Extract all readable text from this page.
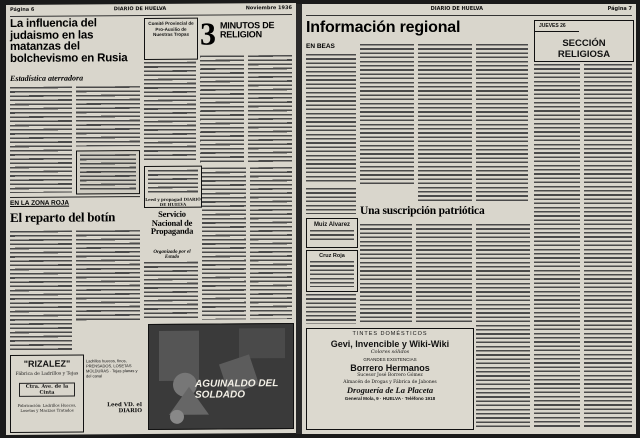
Página 6	DIARIO DE HUELVA	Noviembre 1936
La influencia del judaismo en las matanzas del bolchevismo en Rusia
Estadística aterradora
EN LA ZONA ROJA
El reparto del botín
"RIZALEZ"
Fábrica de Ladrillos y Tejas
Ctra. Ave. de la Cinta
Fabricación: Ladrillos Huecos, Losetas y Macizos Tratados
Ladrillos huecos, finos, PRENSADOS, LOSETAS MOLDURAS · Tejas planas y del canal
Leed VD. el DIARIO
Comité Provincial de Pro-Auxilio de Nuestras Tropas 3 MINUTOS DE RELIGION
Leed y propagad DIARIO DE HUELVA
Servicio Nacional de Propaganda
Organizado por el Estado
AGUINALDO DEL SOLDADO
DIARIO DE HUELVA	Página 7
Información regional
EN BEAS
JUEVES 26
SECCIÓN RELIGIOSA
Muiz Alvarez
Cruz Roja
Una suscripción patriótica
TINTES DOMÉSTICOS
Gevi, Invencible y Wiki-Wiki
Colores sólidos
GRANDES EXISTENCIAS
Borrero Hermanos
Sucesor José Borrero Gómez
Almacén de Drogas y Fábrica de Jabones
Droguería de La Placeta
General Mola, 9 · HUELVA · Teléfono 1918
